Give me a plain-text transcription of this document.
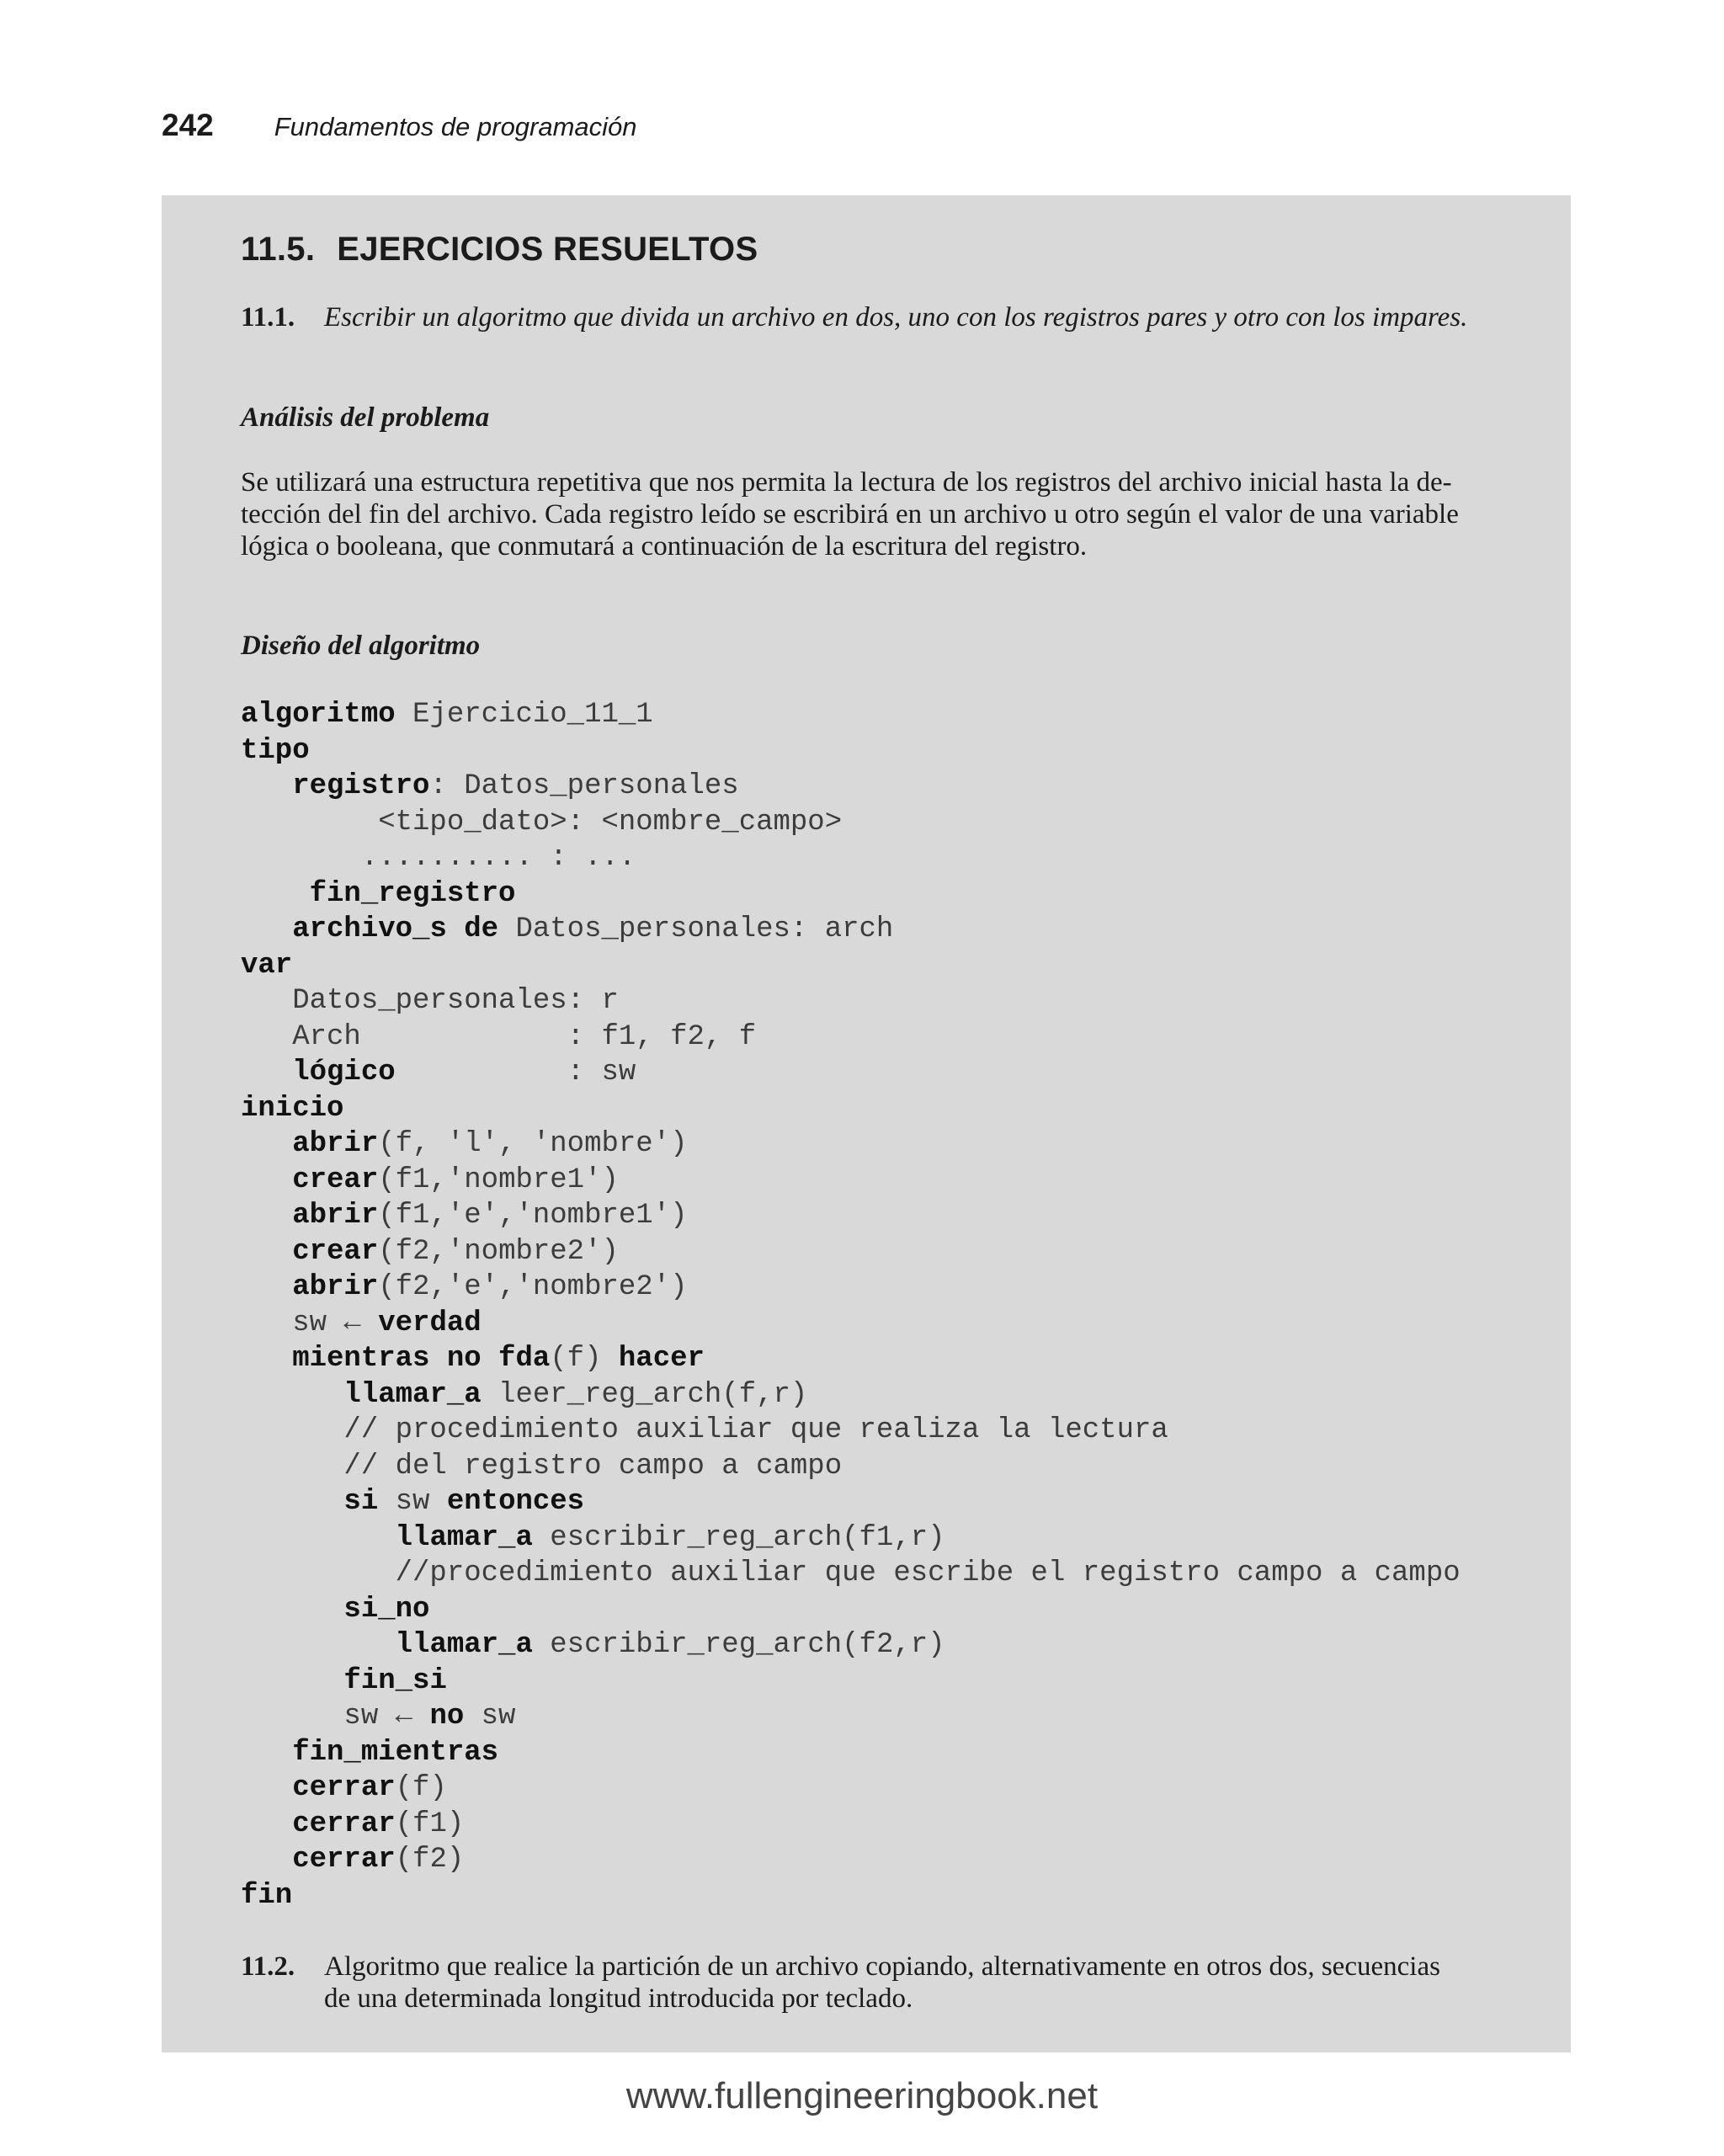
242 Fundamentos de programación
11.5. EJERCICIOS RESUELTOS
11.1. Escribir un algoritmo que divida un archivo en dos, uno con los registros pares y otro con los impares.
Análisis del problema
Se utilizará una estructura repetitiva que nos permita la lectura de los registros del archivo inicial hasta la de-
tección del fin del archivo. Cada registro leído se escribirá en un archivo u otro según el valor de una variable
lógica o booleana, que conmutará a continuación de la escritura del registro.
Diseño del algoritmo
algoritmo Ejercicio_11_1
tipo
registro: Datos_personales
<tipo_dato>: <nombre_campo>
.......... : ...
fin_registro
archivo_s de Datos_personales: arch
var
Datos_personales: r
Arch            : f1, f2, f
lógico          : sw
inicio
abrir(f, 'l', 'nombre')
crear(f1,'nombre1')
abrir(f1,'e','nombre1')
crear(f2,'nombre2')
abrir(f2,'e','nombre2')
sw ← verdad
mientras no fda(f) hacer
llamar_a leer_reg_arch(f,r)
// procedimiento auxiliar que realiza la lectura
// del registro campo a campo
si sw entonces
llamar_a escribir_reg_arch(f1,r)
//procedimiento auxiliar que escribe el registro campo a campo
si_no
llamar_a escribir_reg_arch(f2,r)
fin_si
sw ← no sw
fin_mientras
cerrar(f)
cerrar(f1)
cerrar(f2)
fin
11.2. Algoritmo que realice la partición de un archivo copiando, alternativamente en otros dos, secuencias
de una determinada longitud introducida por teclado.
www.fullengineeringbook.net
